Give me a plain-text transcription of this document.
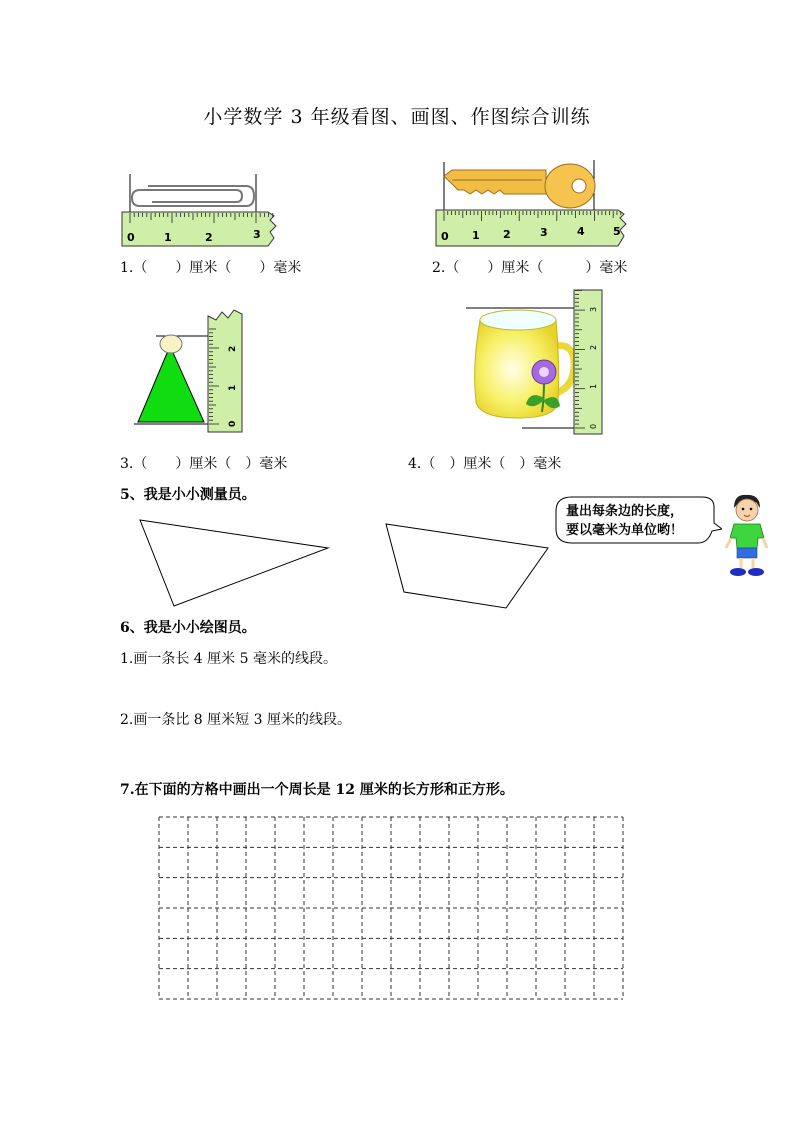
小学数学 3 年级看图、画图、作图综合训练
0	1	2	3	0 1 2	3	4	5
1.（　　）厘米（　　）毫米	2.（　　）厘米（　　　）毫米
2
1
0
3
2
1
0
3.（　　）厘米（　）毫米	4.（　）厘米（　）毫米
5、我是小小测量员。
量出每条边的长度，
要以毫米为单位哟！
6、我是小小绘图员。
1.画一条长 4 厘米 5 毫米的线段。
2.画一条比 8 厘米短 3 厘米的线段。
7.在下面的方格中画出一个周长是 12 厘米的长方形和正方形。
